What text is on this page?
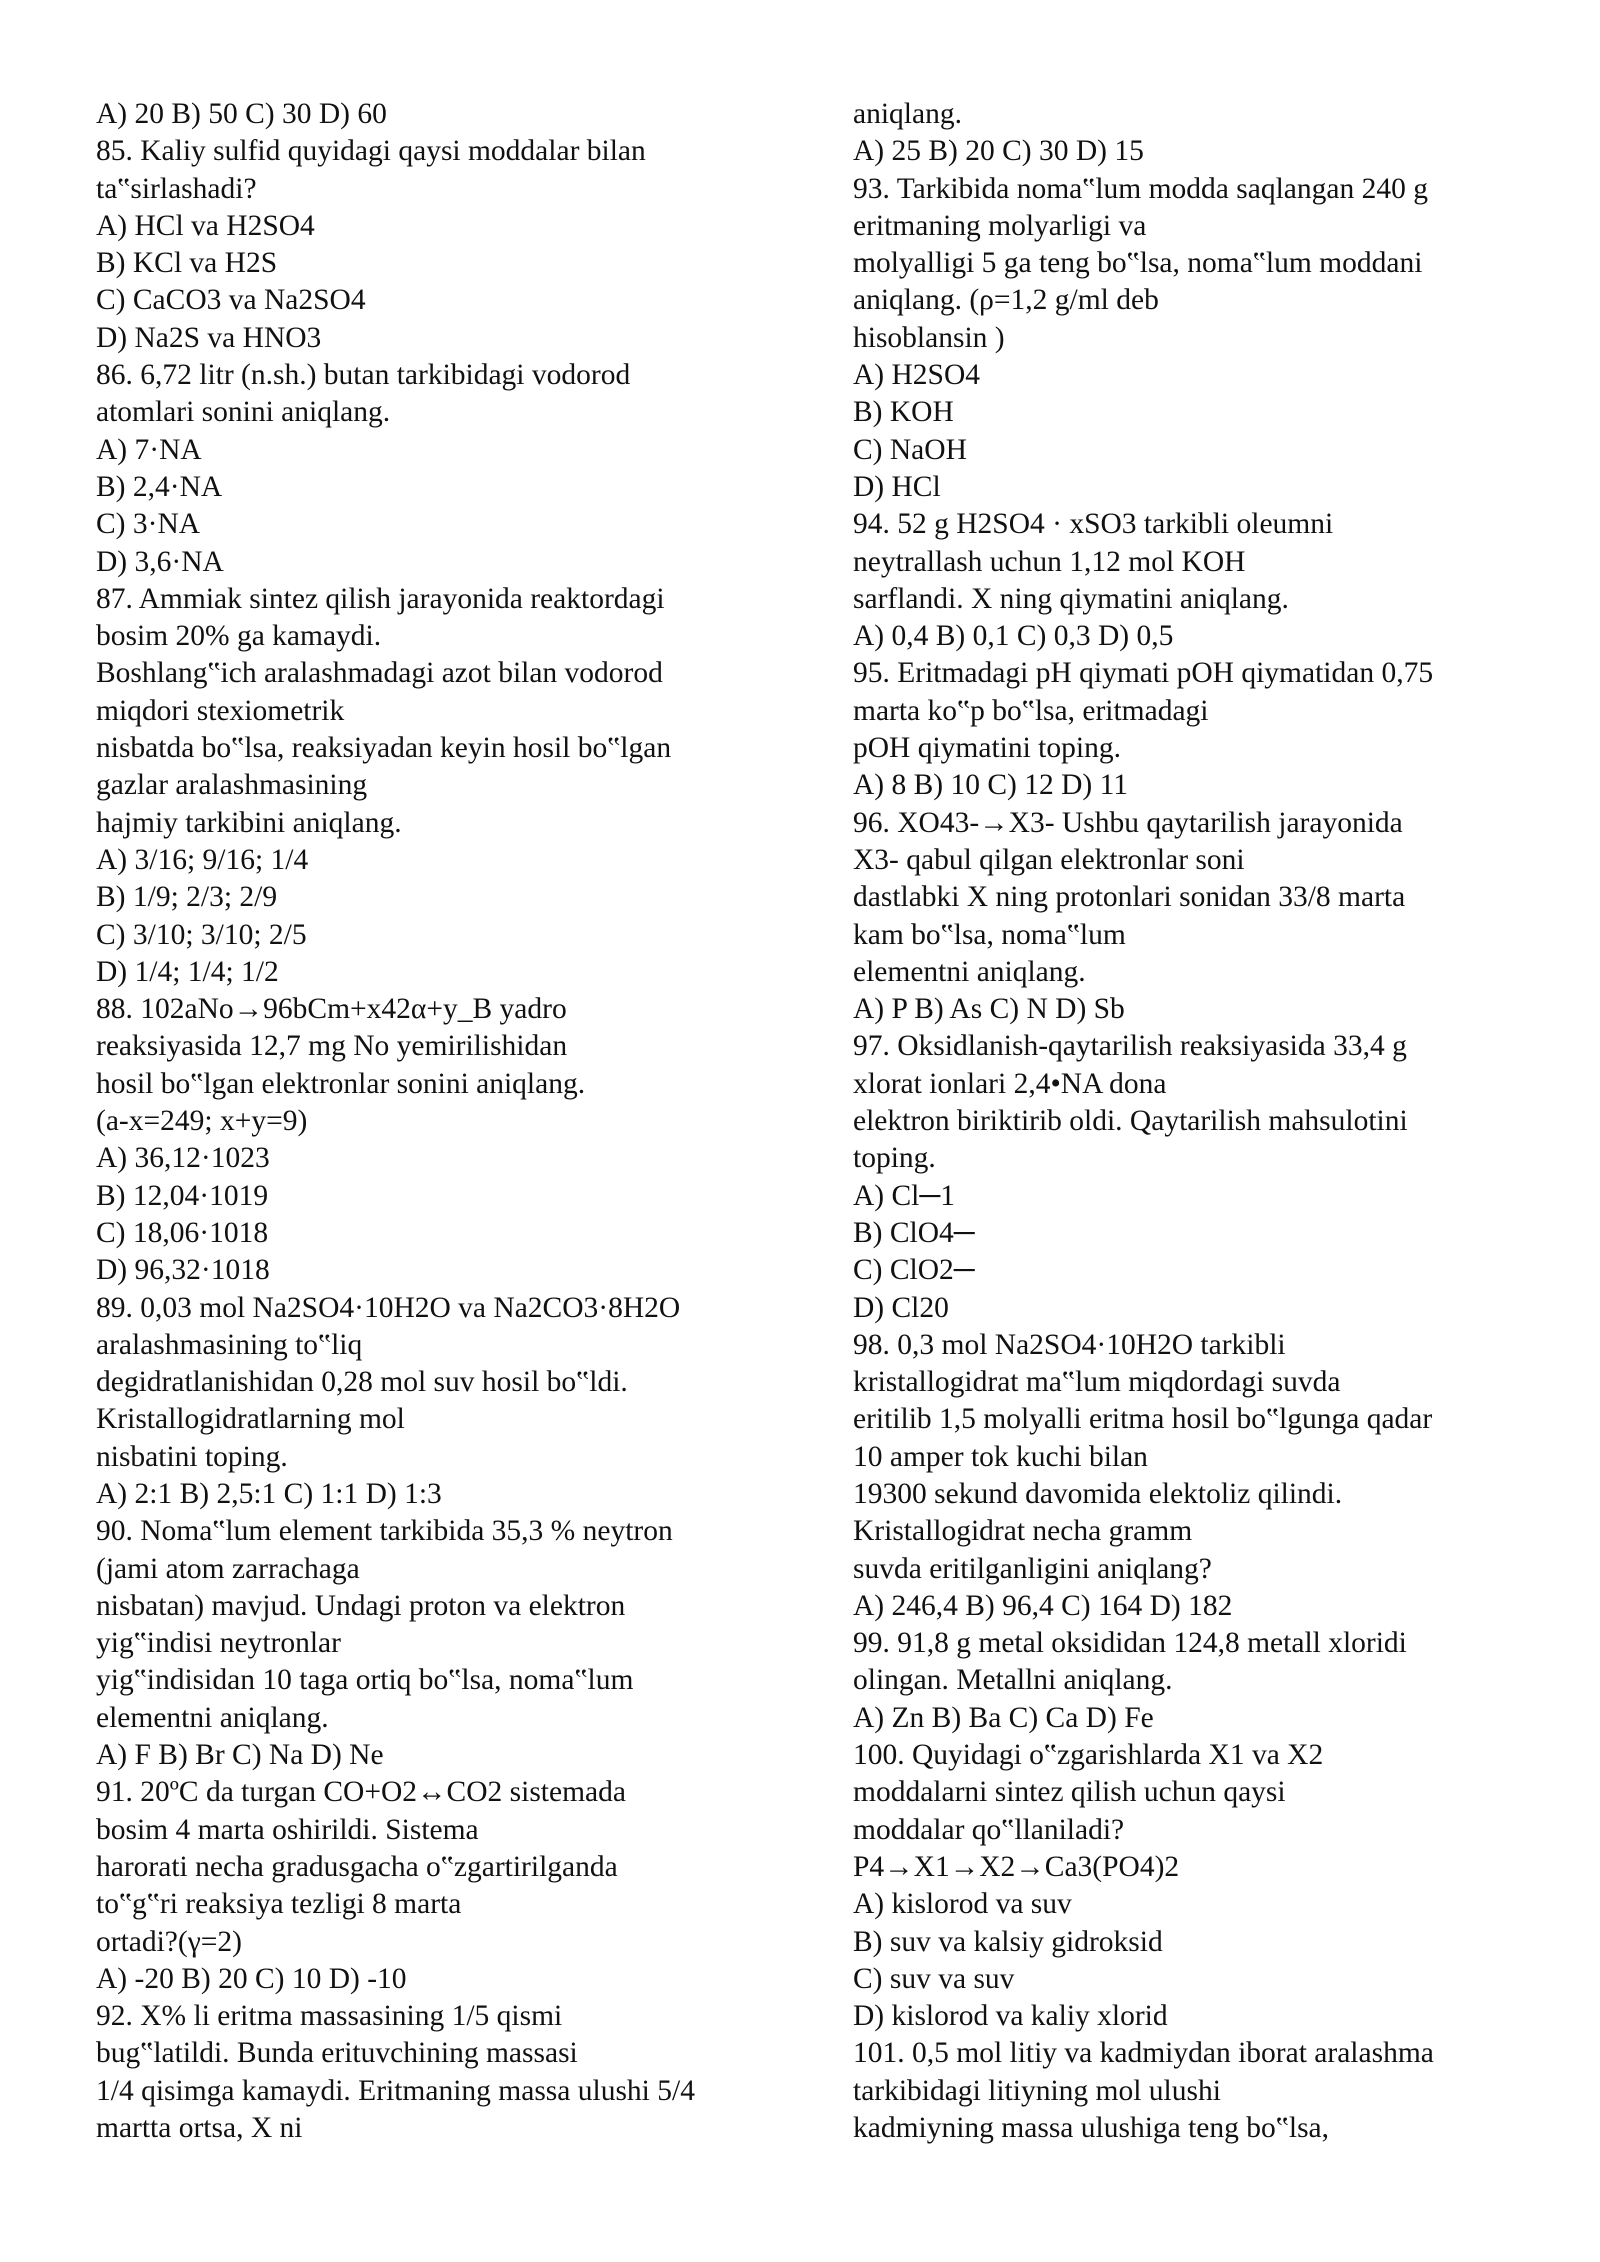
A) 20 B) 50 C) 30 D) 60
85. Kaliy sulfid quyidagi qaysi moddalar bilan
ta‟sirlashadi?
A) HCl va H2SO4
B) KCl va H2S
C) CaCO3 va Na2SO4
D) Na2S va HNO3
86. 6,72 litr (n.sh.) butan tarkibidagi vodorod
atomlari sonini aniqlang.
A) 7·NA
B) 2,4·NA
C) 3·NA
D) 3,6·NA
87. Ammiak sintez qilish jarayonida reaktordagi
bosim 20% ga kamaydi.
Boshlang‟ich aralashmadagi azot bilan vodorod
miqdori stexiometrik
nisbatda bo‟lsa, reaksiyadan keyin hosil bo‟lgan
gazlar aralashmasining
hajmiy tarkibini aniqlang.
A) 3/16; 9/16; 1/4
B) 1/9; 2/3; 2/9
C) 3/10; 3/10; 2/5
D) 1/4; 1/4; 1/2
88. 102aNo→96bCm+x42α+y_B yadro
reaksiyasida 12,7 mg No yemirilishidan
hosil bo‟lgan elektronlar sonini aniqlang.
(a-x=249; x+y=9)
A) 36,12·1023
B) 12,04·1019
C) 18,06·1018
D) 96,32·1018
89. 0,03 mol Na2SO4·10H2O va Na2CO3·8H2O
aralashmasining to‟liq
degidratlanishidan 0,28 mol suv hosil bo‟ldi.
Kristallogidratlarning mol
nisbatini toping.
A) 2:1 B) 2,5:1 C) 1:1 D) 1:3
90. Noma‟lum element tarkibida 35,3 % neytron
(jami atom zarrachaga
nisbatan) mavjud. Undagi proton va elektron
yig‟indisi neytronlar
yig‟indisidan 10 taga ortiq bo‟lsa, noma‟lum
elementni aniqlang.
A) F B) Br C) Na D) Ne
91. 20ºC da turgan CO+O2↔CO2 sistemada
bosim 4 marta oshirildi. Sistema
harorati necha gradusgacha o‟zgartirilganda
to‟g‟ri reaksiya tezligi 8 marta
ortadi?(γ=2)
A) -20 B) 20 C) 10 D) -10
92. X% li eritma massasining 1/5 qismi
bug‟latildi. Bunda erituvchining massasi
1/4 qisimga kamaydi. Eritmaning massa ulushi 5/4
martta ortsa, X ni
aniqlang.
A) 25 B) 20 C) 30 D) 15
93. Tarkibida noma‟lum modda saqlangan 240 g
eritmaning molyarligi va
molyalligi 5 ga teng bo‟lsa, noma‟lum moddani
aniqlang. (ρ=1,2 g/ml deb
hisoblansin )
A) H2SO4
B) KOH
C) NaOH
D) HCl
94. 52 g H2SO4 · xSO3 tarkibli oleumni
neytrallash uchun 1,12 mol KOH
sarflandi. X ning qiymatini aniqlang.
A) 0,4 B) 0,1 C) 0,3 D) 0,5
95. Eritmadagi pH qiymati pOH qiymatidan 0,75
marta ko‟p bo‟lsa, eritmadagi
pOH qiymatini toping.
A) 8 B) 10 C) 12 D) 11
96. XO43-→X3- Ushbu qaytarilish jarayonida
X3- qabul qilgan elektronlar soni
dastlabki X ning protonlari sonidan 33/8 marta
kam bo‟lsa, noma‟lum
elementni aniqlang.
A) P B) As C) N D) Sb
97. Oksidlanish-qaytarilish reaksiyasida 33,4 g
xlorat ionlari 2,4•NA dona
elektron biriktirib oldi. Qaytarilish mahsulotini
toping.
A) Cl─1
B) ClO4─
C) ClO2─
D) Cl20
98. 0,3 mol Na2SO4·10H2O tarkibli
kristallogidrat ma‟lum miqdordagi suvda
eritilib 1,5 molyalli eritma hosil bo‟lgunga qadar
10 amper tok kuchi bilan
19300 sekund davomida elektoliz qilindi.
Kristallogidrat necha gramm
suvda eritilganligini aniqlang?
A) 246,4 B) 96,4 C) 164 D) 182
99. 91,8 g metal oksididan 124,8 metall xloridi
olingan. Metallni aniqlang.
A) Zn B) Ba C) Ca D) Fe
100. Quyidagi o‟zgarishlarda X1 va X2
moddalarni sintez qilish uchun qaysi
moddalar qo‟llaniladi?
P4→X1→X2→Ca3(PO4)2
A) kislorod va suv
B) suv va kalsiy gidroksid
C) suv va suv
D) kislorod va kaliy xlorid
101. 0,5 mol litiy va kadmiydan iborat aralashma
tarkibidagi litiyning mol ulushi
kadmiyning massa ulushiga teng bo‟lsa,
